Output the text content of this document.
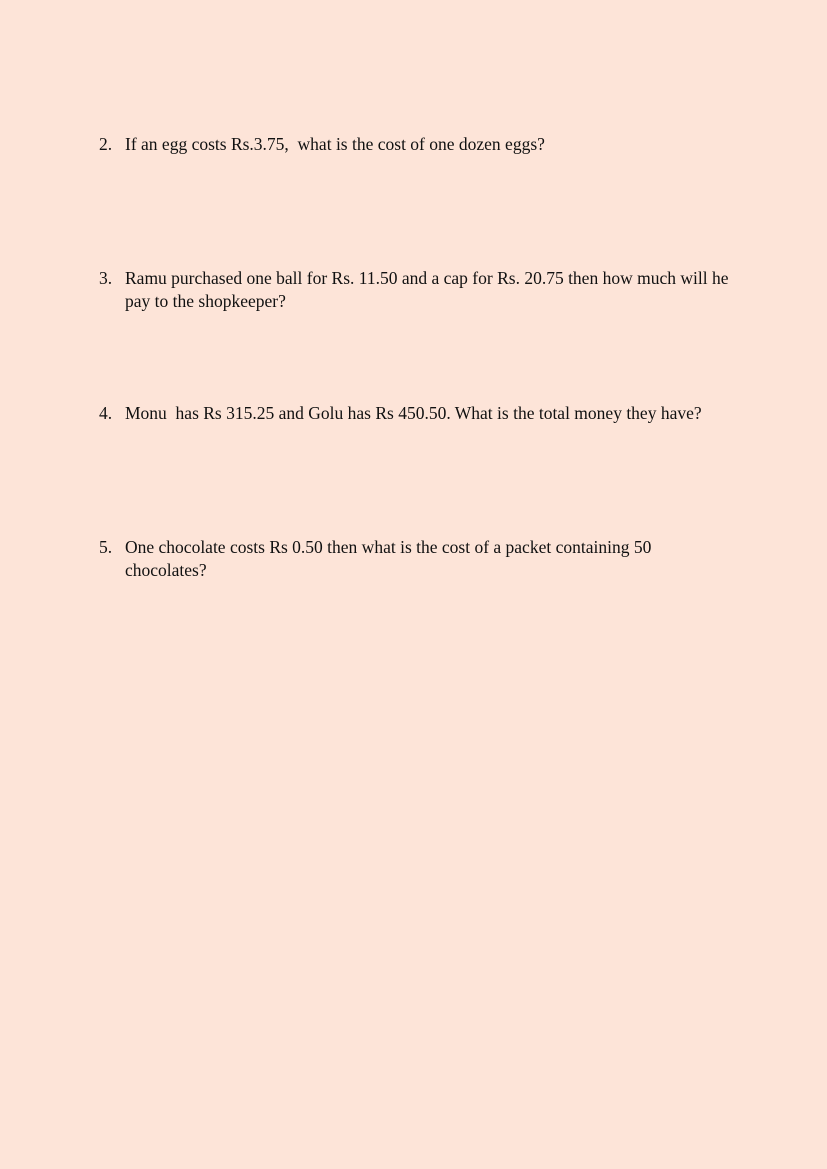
2. If an egg costs Rs.3.75,  what is the cost of one dozen eggs?
3. Ramu purchased one ball for Rs. 11.50 and a cap for Rs. 20.75 then how much will he pay to the shopkeeper?
4. Monu  has Rs 315.25 and Golu has Rs 450.50. What is the total money they have?
5. One chocolate costs Rs 0.50 then what is the cost of a packet containing 50 chocolates?
